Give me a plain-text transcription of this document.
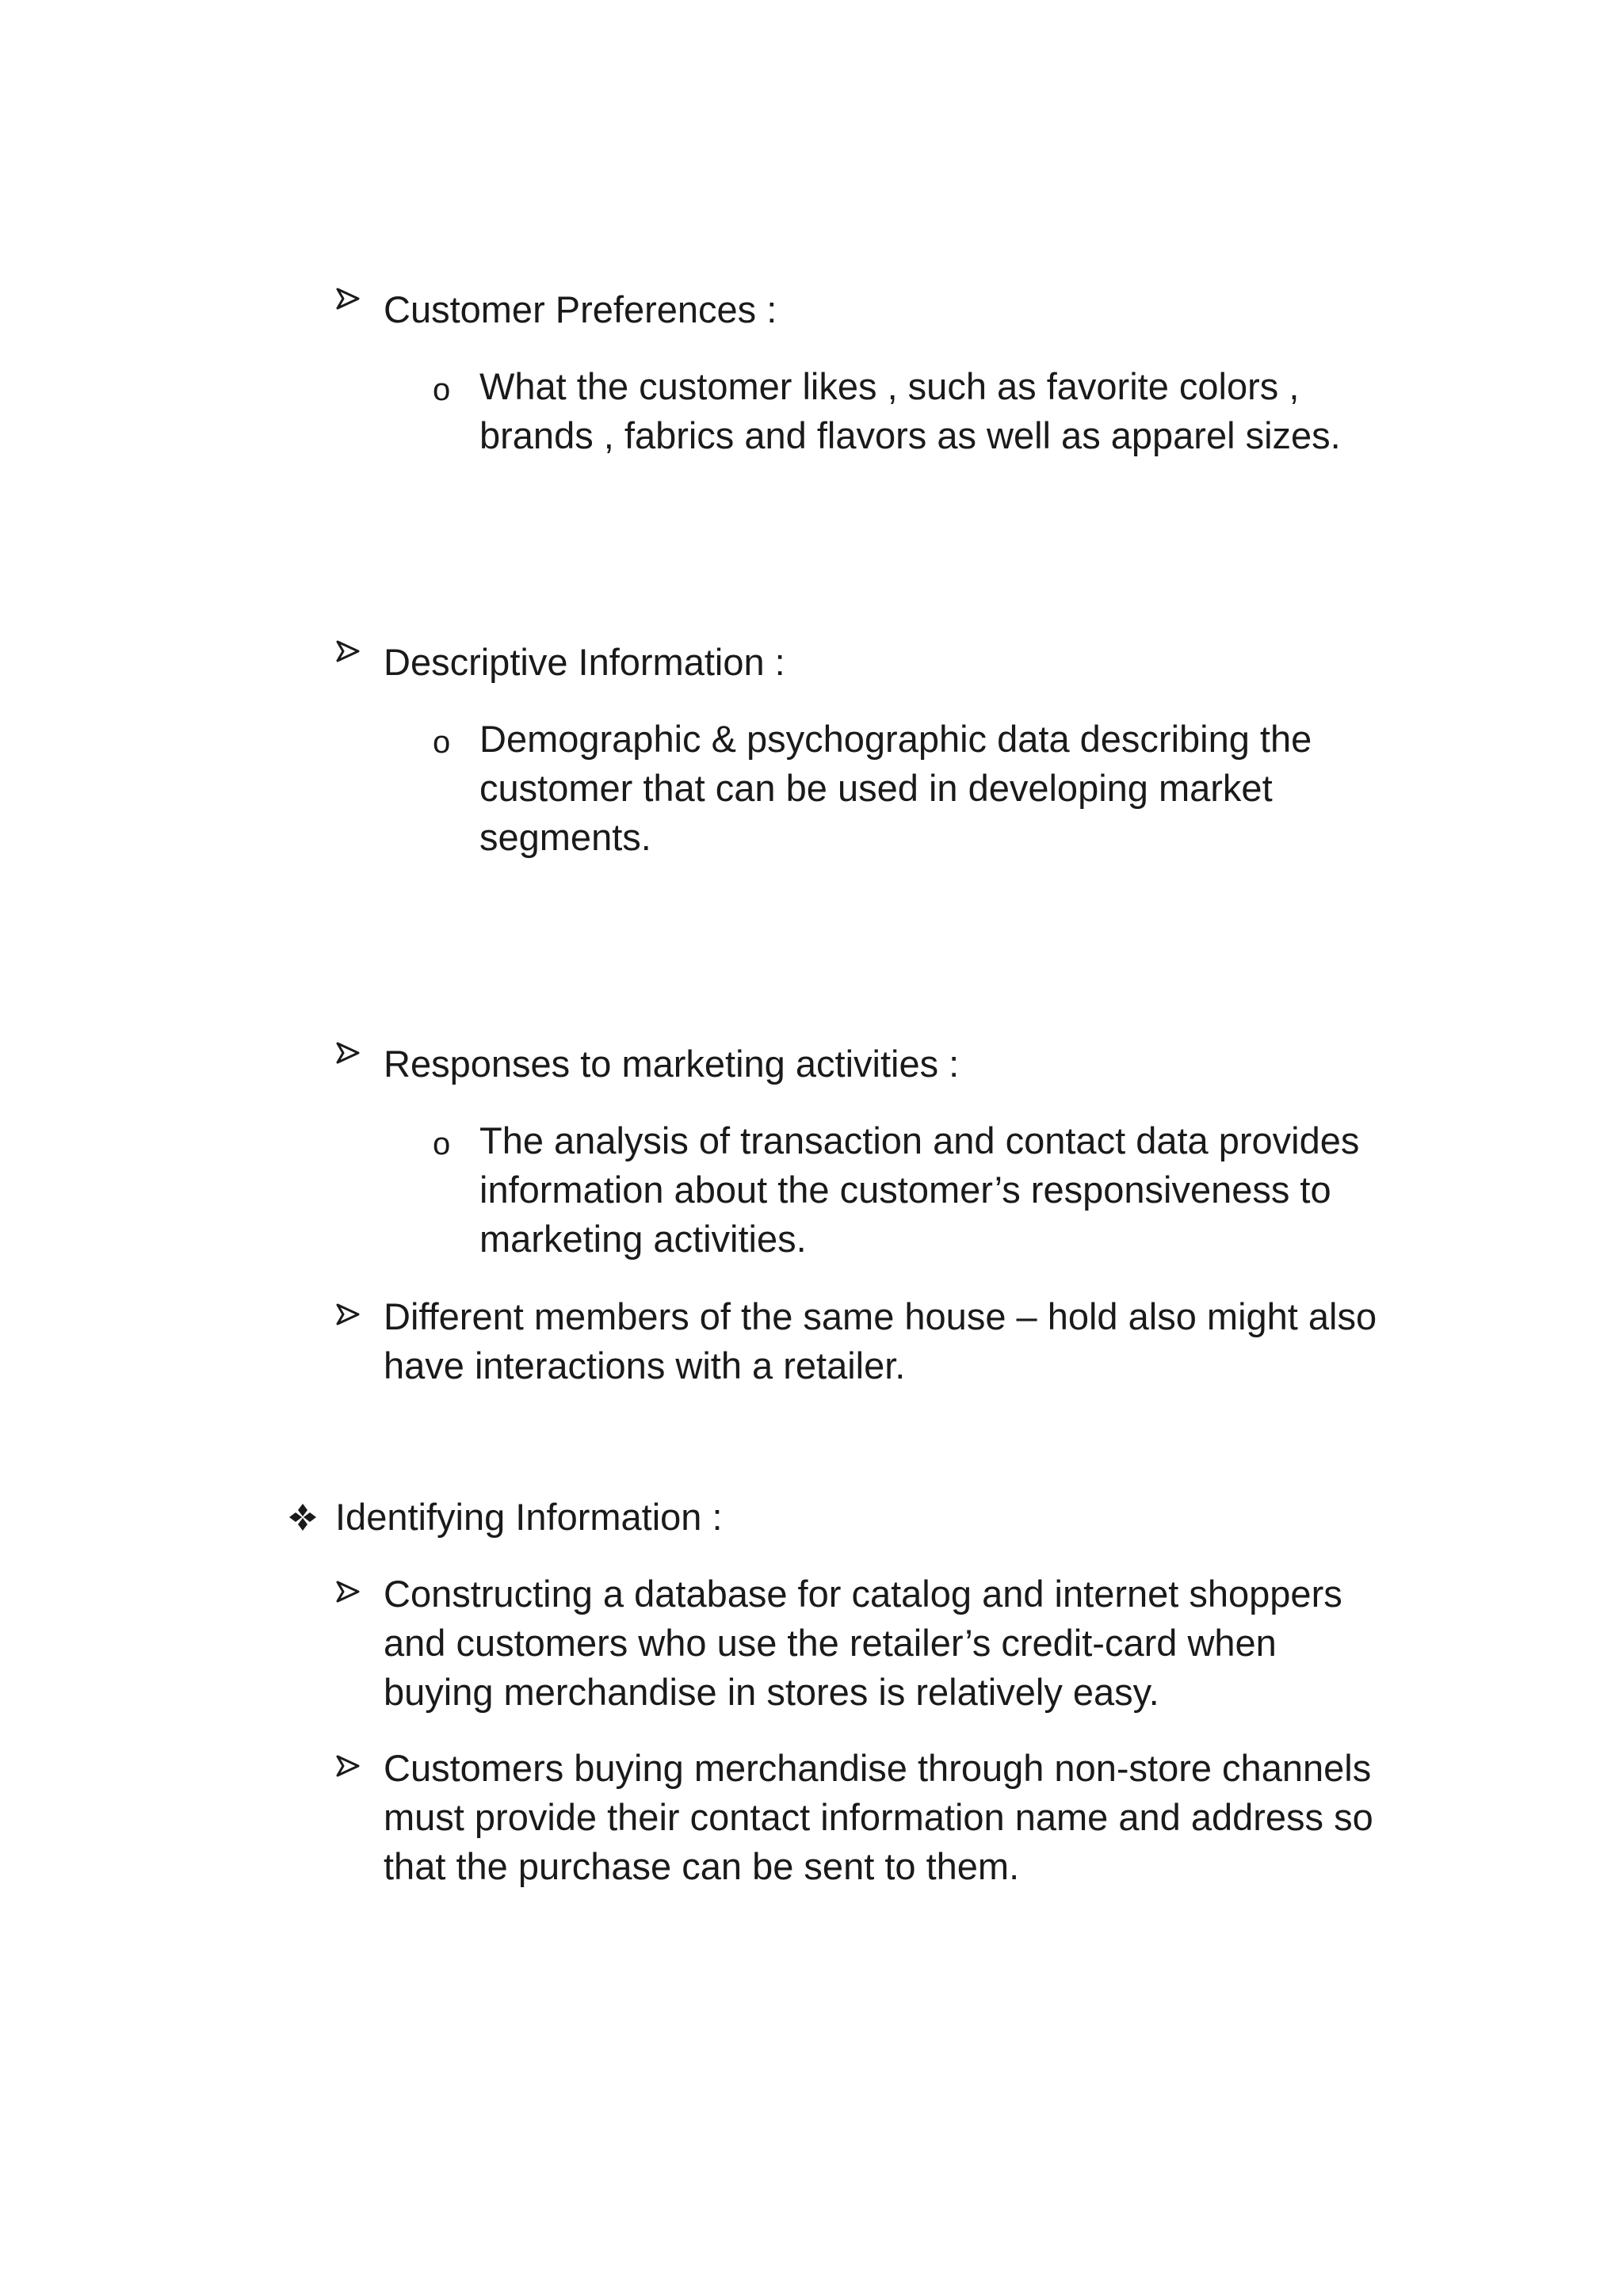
Customer Preferences :

o What the customer likes , such as favorite colors ,

brands , fabrics and flavors as well as apparel sizes.

Descriptive Information :

o Demographic & psychographic data describing the

customer that can be used in developing market

segments.

Responses to marketing activities :

o The analysis of transaction and contact data provides

information about the customer’s responsiveness to

marketing activities.

Different members of the same house – hold also might also

have interactions with a retailer.

Identifying Information :

Constructing a database for catalog and internet shoppers

and customers who use the retailer’s credit-card when

buying merchandise in stores is relatively easy.

Customers buying merchandise through non-store channels

must provide their contact information name and address so

that the purchase can be sent to them.
